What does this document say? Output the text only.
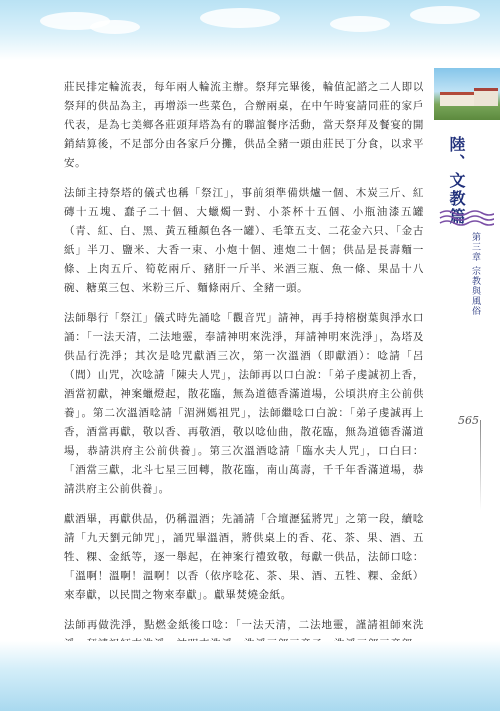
陸、文教篇
第三章宗教與風俗
565

莊民排定輪流表，每年兩人輪流主辦。祭拜完畢後，輪值記諮之二人即以祭拜的供品為主，再增添一些菜色，合辦兩桌，在中午時宴請同莊的家戶代表，是為七美鄉各莊頭拜塔為有的聯誼餐序活動，當天祭拜及餐宴的開銷結算後，不足部分由各家戶分攤，供品全豬一頭由莊民丁分食，以求平安。

法師主持祭塔的儀式也稱「祭江」，事前須準備烘爐一個、木炭三斤、紅磚十五塊、蠢子二十個、大蠟燭一對、小茶杯十五個、小瓶油漆五罐（青、紅、白、黑、黃五種顏色各一罐）、毛筆五支、二花金六只、「金古紙」半刀、鹽米、大香一束、小炮十個、連炮二十個；供品是長壽麵一條、上肉五斤、筍乾兩斤、豬肝一斤半、米酒三瓶、魚一條、果品十八碗、糖菓三包、米粉三斤、麵條兩斤、全豬一頭。

法師舉行「祭江」儀式時先誦唸「觀音咒」請神，再手持榕樹葉與淨水口誦：「一法天清，二法地靈，奉請神明來洗淨，拜請神明來洗淨」，為塔及供品行洗淨；其次是唸咒獻酒三次，第一次溫酒（即獻酒）：唸請「呂（閭）山咒，次唸請「陳夫人咒」，法師再以口白說：「弟子虔誠初上香，酒當初獻，神案蠟燈起，散花臨，無為道德香滿道場，公頃洪府主公前供養」。第二次溫酒唸請「湄洲媽祖咒」，法師繼唸口白說：「弟子虔誠再上香，酒當再獻，敬以香、再敬酒，敬以唸仙曲，散花臨，無為道德香滿道場，恭請洪府主公前供養」。第三次溫酒唸請「臨水夫人咒」，口白曰：「酒當三獻，北斗七星三回轉，散花臨，南山萬壽，千千年香滿道場，恭請洪府主公前供養」。

獻酒畢，再獻供品，仍稱溫酒；先誦請「合壇瀝猛將咒」之第一段，續唸請「九天劉元帥咒」，誦咒畢溫酒，將供桌上的香、花、茶、果、酒、五牲、粿、金紙等，逐一舉起，在神案行禮致敬，每獻一供品，法師口唸：「溫啊！溫啊！溫啊！以香（依序唸花、茶、果、酒、五牲、粿、金紙）來奉獻，以民間之物來奉獻」。獻畢焚燒金紙。

法師再做洗淨，點燃金紙後口唸：「一法天清，二法地靈，謹請祖師來洗
